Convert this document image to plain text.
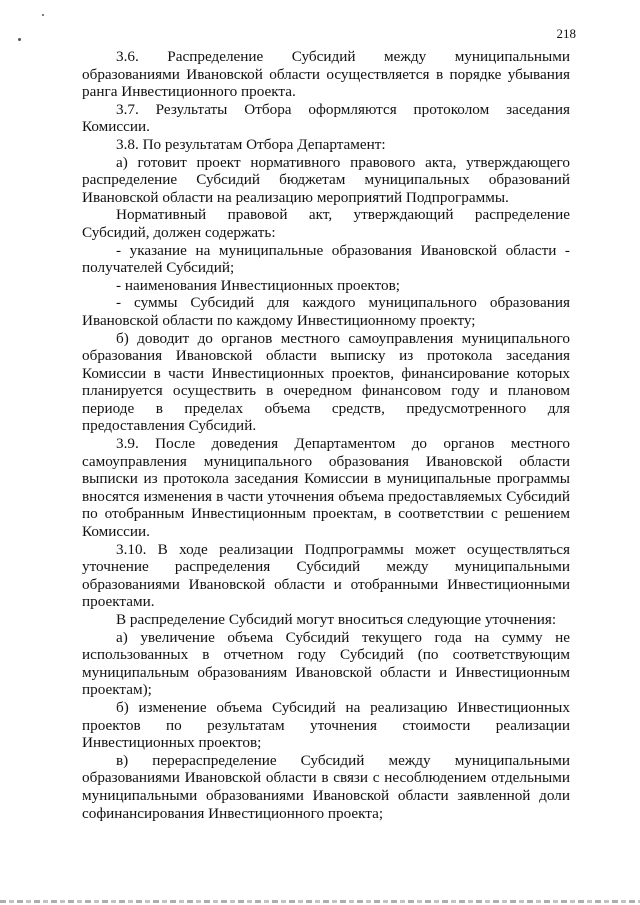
218

3.6. Распределение Субсидий между муниципальными образованиями Ивановской области осуществляется в порядке убывания ранга Инвестиционного проекта.

3.7. Результаты Отбора оформляются протоколом заседания Комиссии.

3.8. По результатам Отбора Департамент:

а) готовит проект нормативного правового акта, утверждающего распределение Субсидий бюджетам муниципальных образований Ивановской области на реализацию мероприятий Подпрограммы.

Нормативный правовой акт, утверждающий распределение Субсидий, должен содержать:

- указание на муниципальные образования Ивановской области - получателей Субсидий;

- наименования Инвестиционных проектов;

- суммы Субсидий для каждого муниципального образования Ивановской области по каждому Инвестиционному проекту;

б) доводит до органов местного самоуправления муниципального образования Ивановской области выписку из протокола заседания Комиссии в части Инвестиционных проектов, финансирование которых планируется осуществить в очередном финансовом году и плановом периоде в пределах объема средств, предусмотренного для предоставления Субсидий.

3.9. После доведения Департаментом до органов местного самоуправления муниципального образования Ивановской области выписки из протокола заседания Комиссии в муниципальные программы вносятся изменения в части уточнения объема предоставляемых Субсидий по отобранным Инвестиционным проектам, в соответствии с решением Комиссии.

3.10. В ходе реализации Подпрограммы может осуществляться уточнение распределения Субсидий между муниципальными образованиями Ивановской области и отобранными Инвестиционными проектами.

В распределение Субсидий могут вноситься следующие уточнения:

а) увеличение объема Субсидий текущего года на сумму не использованных в отчетном году Субсидий (по соответствующим муниципальным образованиям Ивановской области и Инвестиционным проектам);

б) изменение объема Субсидий на реализацию Инвестиционных проектов по результатам уточнения стоимости реализации Инвестиционных проектов;

в) перераспределение Субсидий между муниципальными образованиями Ивановской области в связи с несоблюдением отдельными муниципальными образованиями Ивановской области заявленной доли софинансирования Инвестиционного проекта;
